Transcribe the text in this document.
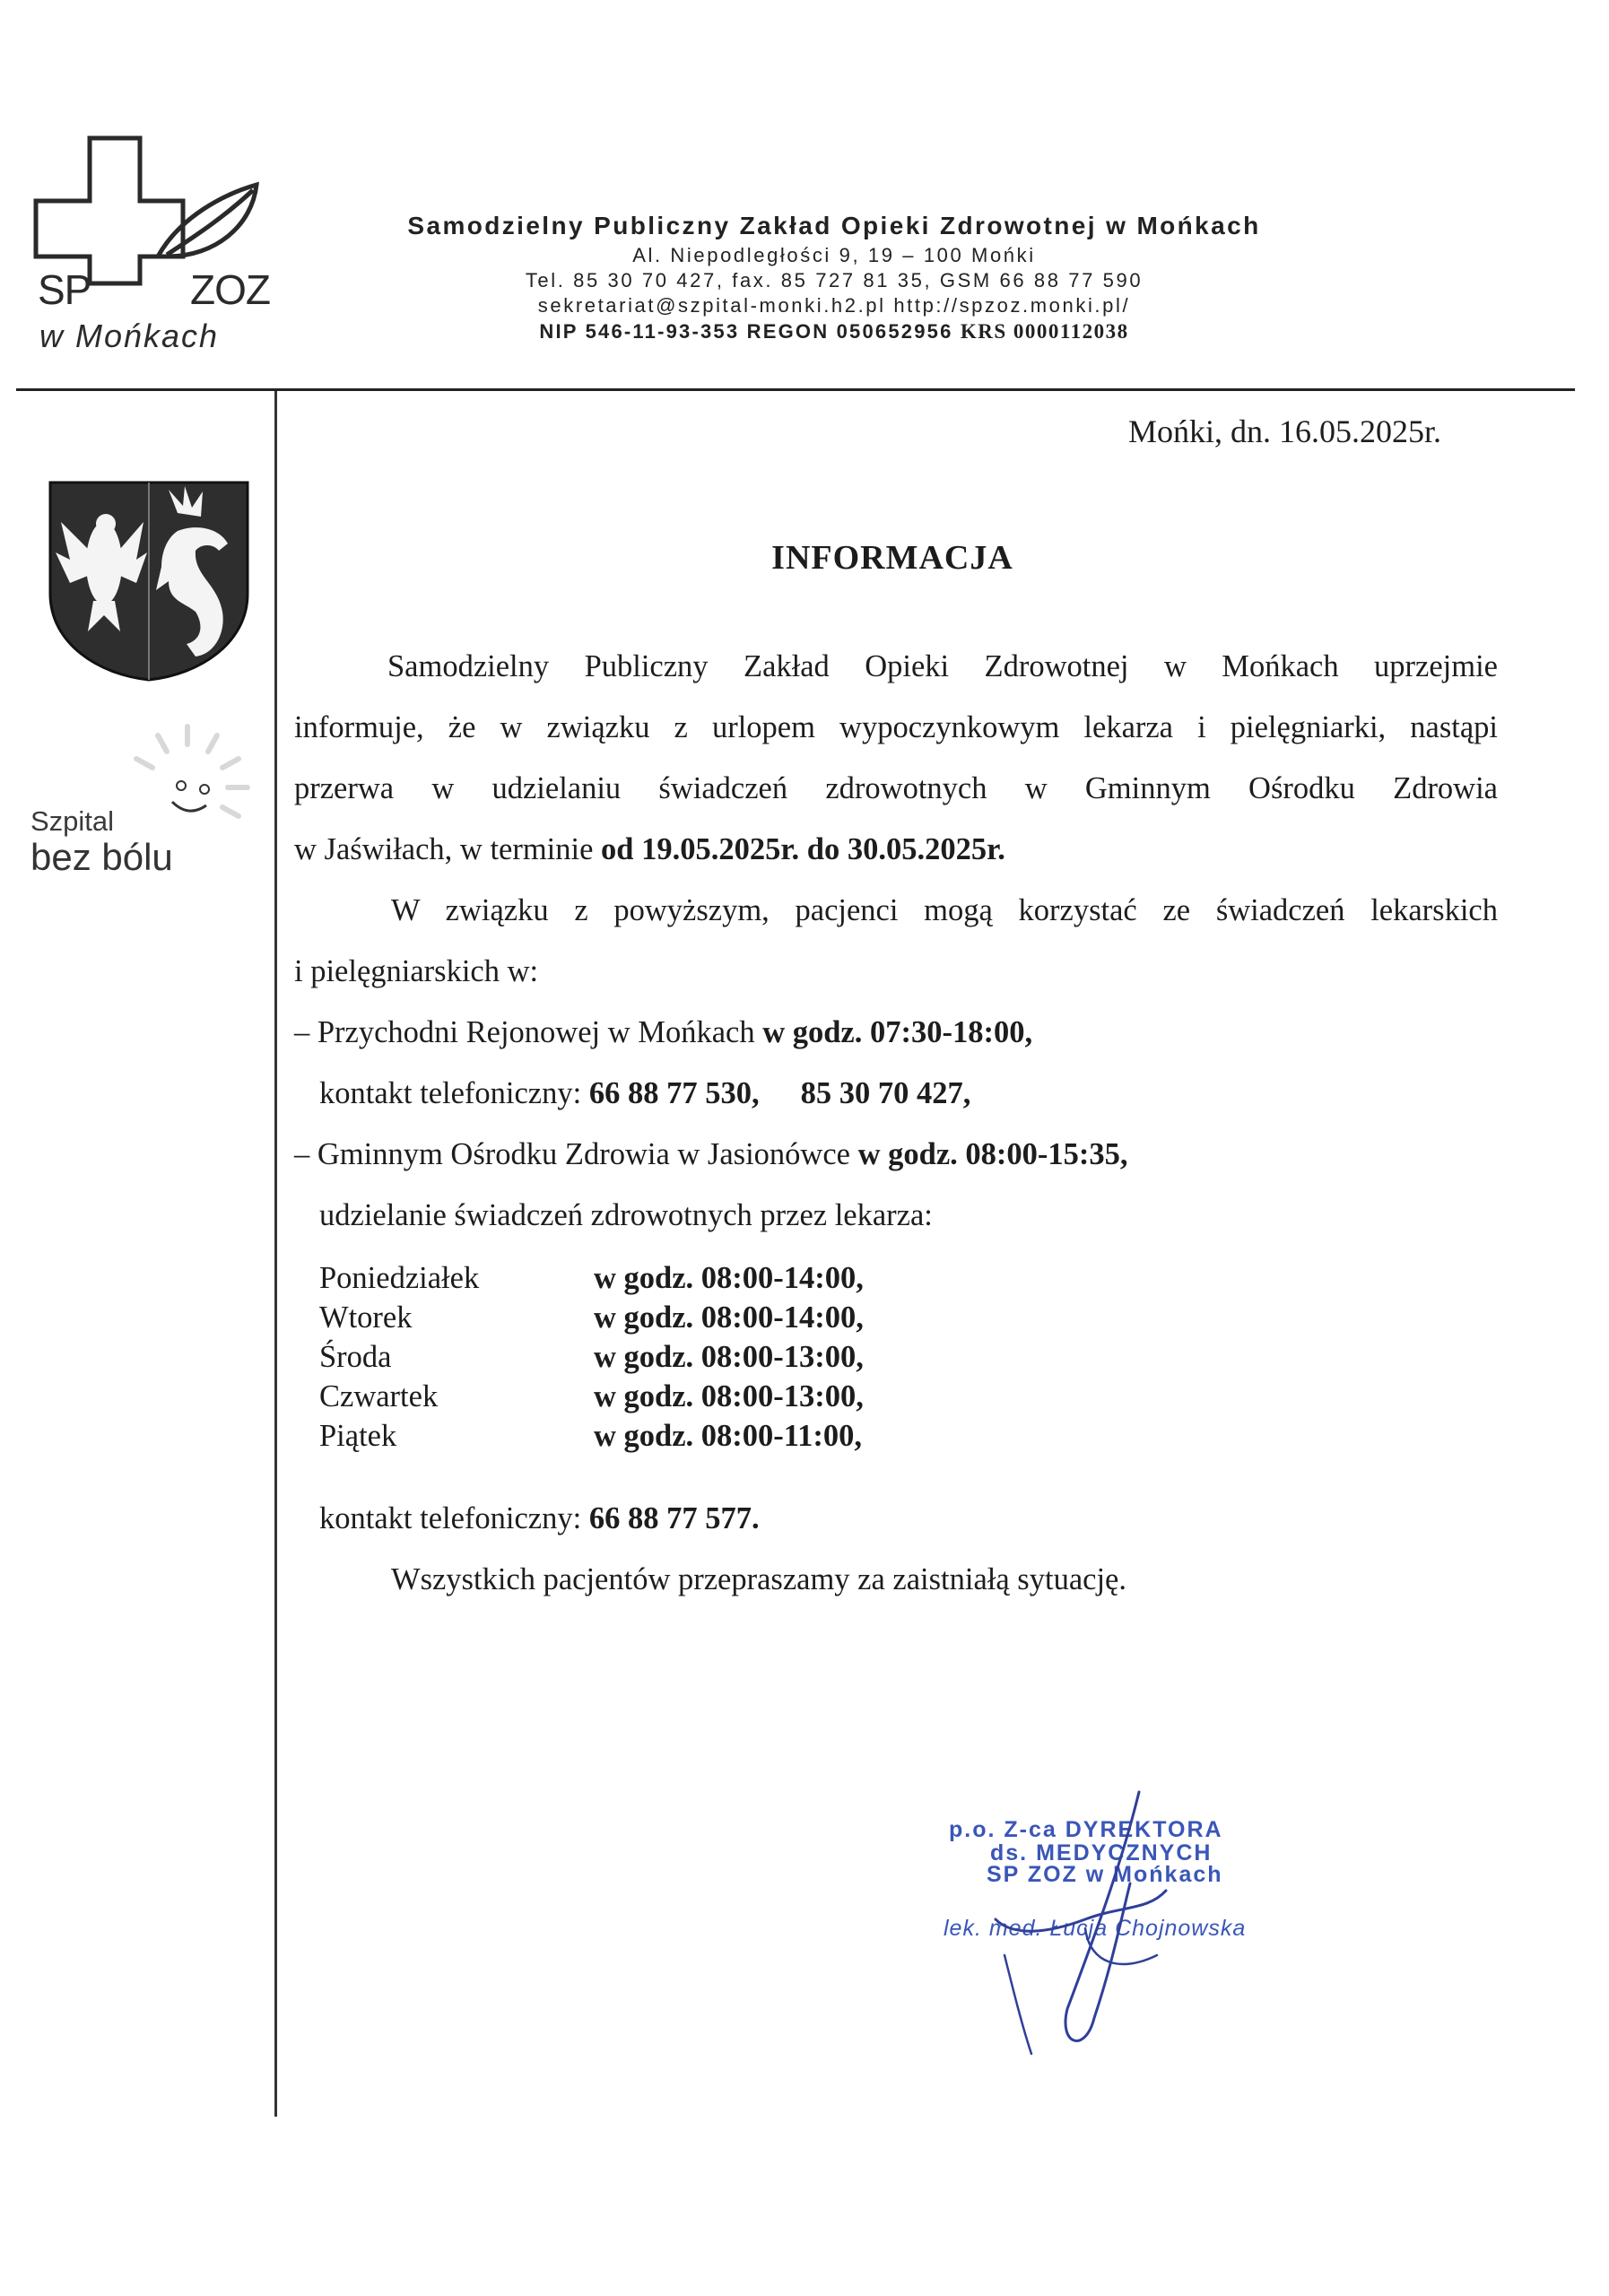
SP ZOZ
w Mońkach
Samodzielny Publiczny Zakład Opieki Zdrowotnej w Mońkach
Al. Niepodległości 9, 19 – 100 Mońki
Tel. 85 30 70 427, fax. 85 727 81 35, GSM 66 88 77 590
sekretariat@szpital-monki.h2.pl http://spzoz.monki.pl/
NIP 546-11-93-353 REGON 050652956 KRS 0000112038
Szpital
bez bólu
Mońki, dn. 16.05.2025r.
INFORMACJA
Samodzielny Publiczny Zakład Opieki Zdrowotnej w Mońkach uprzejmie
informuje, że w związku z urlopem wypoczynkowym lekarza i pielęgniarki, nastąpi
przerwa w udzielaniu świadczeń zdrowotnych w Gminnym Ośrodku Zdrowia
w Jaświłach, w terminie od 19.05.2025r. do 30.05.2025r.
W związku z powyższym, pacjenci mogą korzystać ze świadczeń lekarskich
i pielęgniarskich w:
– Przychodni Rejonowej w Mońkach w godz. 07:30-18:00,
kontakt telefoniczny: 66 88 77 530, 85 30 70 427,
– Gminnym Ośrodku Zdrowia w Jasionówce w godz. 08:00-15:35,
udzielanie świadczeń zdrowotnych przez lekarza:
Poniedziałek	w godz. 08:00-14:00,
Wtorek	w godz. 08:00-14:00,
Środa	w godz. 08:00-13:00,
Czwartek	w godz. 08:00-13:00,
Piątek	w godz. 08:00-11:00,
kontakt telefoniczny: 66 88 77 577.
Wszystkich pacjentów przepraszamy za zaistniałą sytuację.
p.o. Z-ca DYREKTORA
ds. MEDYCZNYCH
SP ZOZ w Mońkach
lek. med. Łucja Chojnowska
